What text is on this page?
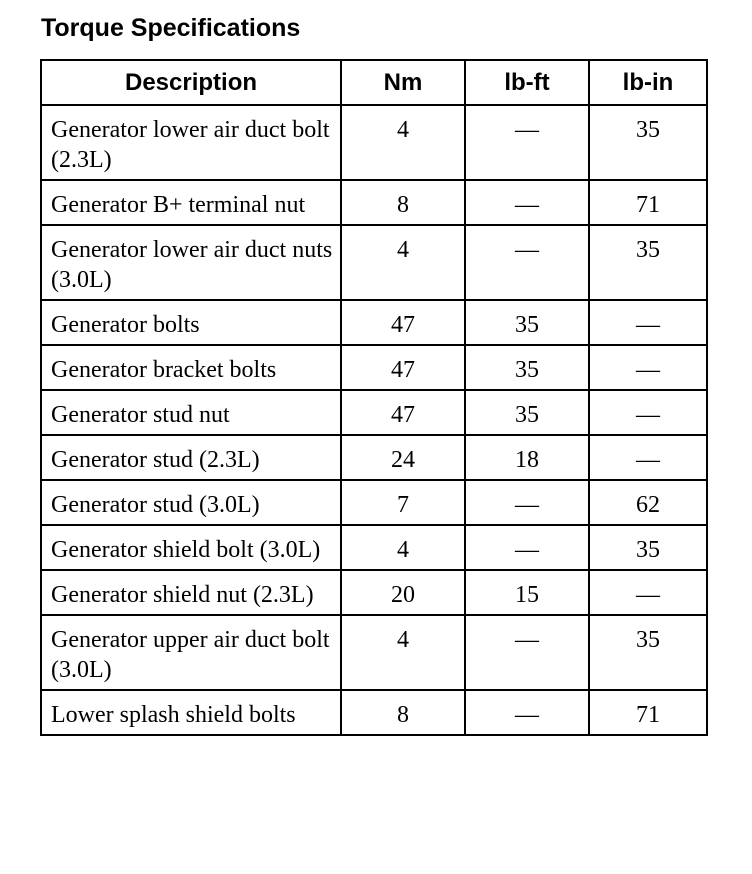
Torque Specifications
Description	Nm	lb-ft	lb-in
Generator lower air duct bolt (2.3L)	4	—	35
Generator B+ terminal nut	8	—	71
Generator lower air duct nuts (3.0L)	4	—	35
Generator bolts	47	35	—
Generator bracket bolts	47	35	—
Generator stud nut	47	35	—
Generator stud (2.3L)	24	18	—
Generator stud (3.0L)	7	—	62
Generator shield bolt (3.0L)	4	—	35
Generator shield nut (2.3L)	20	15	—
Generator upper air duct bolt (3.0L)	4	—	35
Lower splash shield bolts	8	—	71
